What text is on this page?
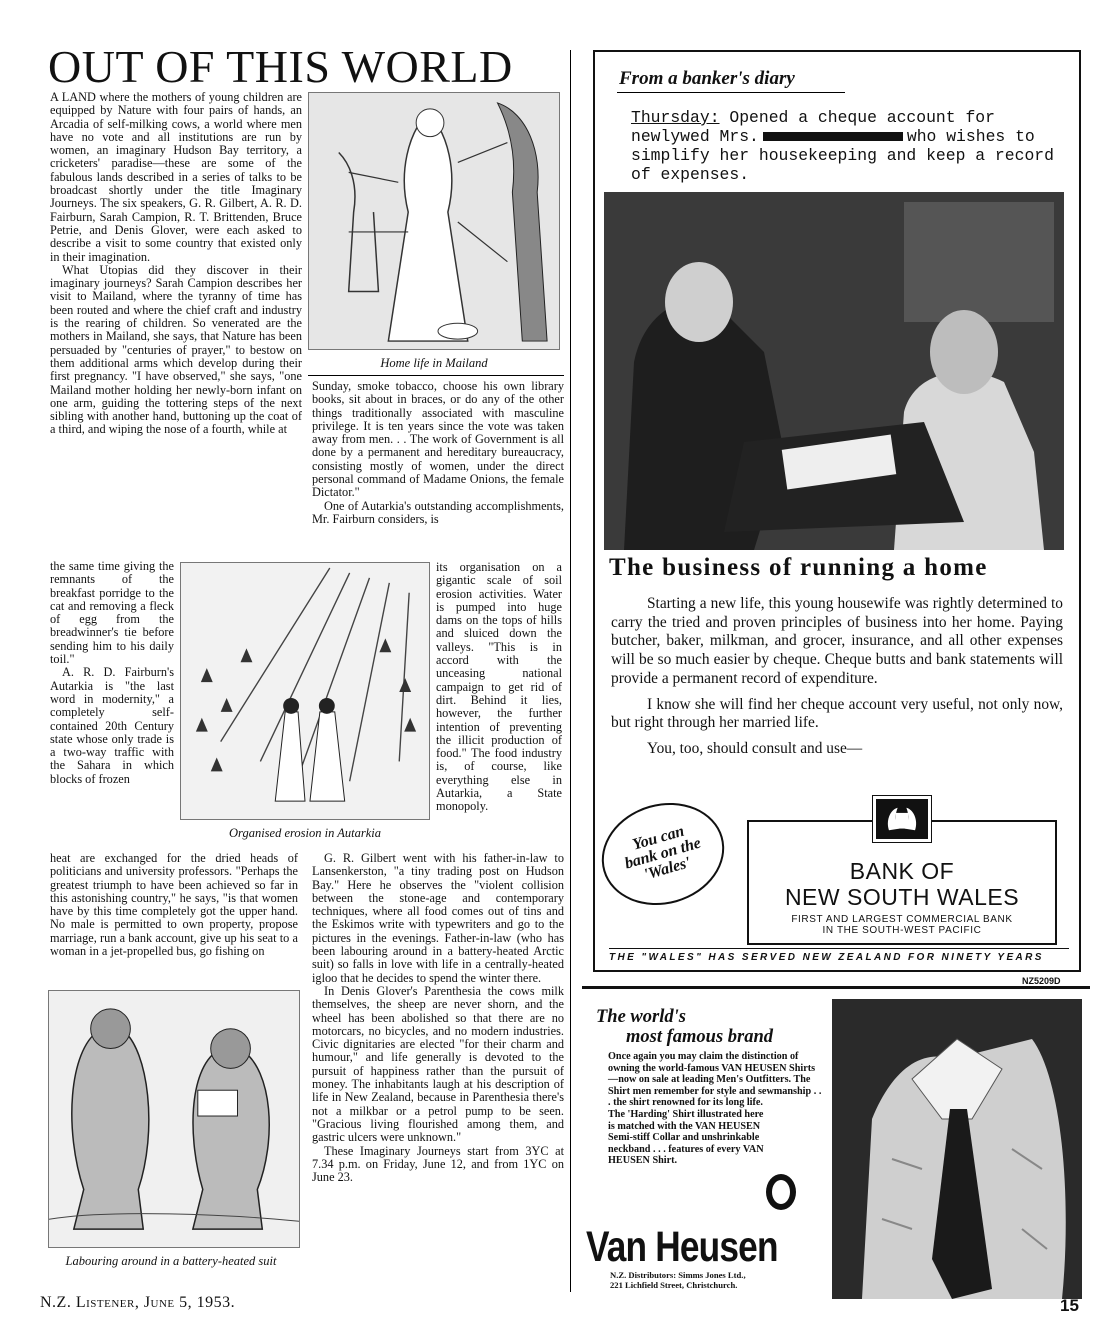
OUT OF THIS WORLD
Home life in Mailand

A LAND where the mothers of young children are equipped by Nature with four pairs of hands, an Arcadia of self-milking cows, a world where men have no vote and all institutions are run by women, an imaginary Hudson Bay territory, a cricketers' paradise—these are some of the fabulous lands described in a series of talks to be broadcast shortly under the title Imaginary Journeys. The six speakers, G. R. Gilbert, A. R. D. Fairburn, Sarah Campion, R. T. Brittenden, Bruce Petrie, and Denis Glover, were each asked to describe a visit to some country that existed only in their imagination.

What Utopias did they discover in their imaginary journeys? Sarah Campion describes her visit to Mailand, where the tyranny of time has been routed and where the chief craft and industry is the rearing of children. So venerated are the mothers in Mailand, she says, that Nature has been persuaded by "centuries of prayer," to bestow on them additional arms which develop during their first pregnancy. "I have observed," she says, "one Mailand mother holding her newly-born infant on one arm, guiding the tottering steps of the next sibling with another hand, buttoning up the coat of a third, and wiping the nose of a fourth, while at

the same time giving the remnants of the breakfast porridge to the cat and removing a fleck of egg from the breadwinner's tie before sending him to his daily toil."

A. R. D. Fairburn's Autarkia is "the last word in modernity," a completely self-contained 20th Century state whose only trade is a two-way traffic with the Sahara in which blocks of frozen

Organised erosion in Autarkia

heat are exchanged for the dried heads of politicians and university professors. "Perhaps the greatest triumph to have been achieved so far in this astonishing country," he says, "is that women have by this time completely got the upper hand. No male is permitted to own property, propose marriage, run a bank account, give up his seat to a woman in a jet-propelled bus, go fishing on

Labouring around in a battery-heated suit

Sunday, smoke tobacco, choose his own library books, sit about in braces, or do any of the other things traditionally associated with masculine privilege. It is ten years since the vote was taken away from men. . . The work of Government is all done by a permanent and hereditary bureaucracy, consisting mostly of women, under the direct personal command of Madame Onions, the female Dictator."

One of Autarkia's outstanding accomplishments, Mr. Fairburn considers, is

its organisation on a gigantic scale of soil erosion activities. Water is pumped into huge dams on the tops of hills and sluiced down the valleys. "This is in accord with the unceasing national campaign to get rid of dirt. Behind it lies, however, the further intention of preventing the illicit production of food." The food industry is, of course, like everything else in Autarkia, a State monopoly.

G. R. Gilbert went with his father-in-law to Lansenkerston, "a tiny trading post on Hudson Bay." Here he observes the "violent collision between the stone-age and contemporary techniques, where all food comes out of tins and the Eskimos write with typewriters and go to the pictures in the evenings. Father-in-law (who has been labouring around in a battery-heated Arctic suit) so falls in love with life in a centrally-heated igloo that he decides to spend the winter there.

In Denis Glover's Parenthesia the cows milk themselves, the sheep are never shorn, and the wheel has been abolished so that there are no motorcars, no bicycles, and no modern industries. Civic dignitaries are elected "for their charm and humour," and life generally is devoted to the pursuit of happiness rather than the pursuit of money. The inhabitants laugh at his description of life in New Zealand, because in Parenthesia there's not a milkbar or a petrol pump to be seen. "Gracious living flourished among them, and gastric ulcers were unknown."

These Imaginary Journeys start from 3YC at 7.34 p.m. on Friday, June 12, and from 1YC on June 23.

From a banker's diary
Thursday: Opened a cheque account for newlywed Mrs.	who wishes to simplify her housekeeping and keep a record of expenses.
The business of running a home

Starting a new life, this young housewife was rightly determined to carry the tried and proven principles of business into her home. Paying butcher, baker, milkman, and grocer, insurance, and all other expenses will be so much easier by cheque. Cheque butts and bank statements will provide a permanent record of expenditure.

I know she will find her cheque account very useful, not only now, but right through her married life.

You, too, should consult and use—

You can bank on the 'Wales'	BANK OF
NEW SOUTH WALES
FIRST AND LARGEST COMMERCIAL BANK
IN THE SOUTH-WEST PACIFIC
THE "WALES" HAS SERVED NEW ZEALAND FOR NINETY YEARS
NZ5209D
The world's
most famous brand

Once again you may claim the distinction of owning the world-famous VAN HEUSEN Shirts—now on sale at leading Men's Outfitters. The Shirt men remember for style and sewmanship . . . the shirt renowned for its long life.

The 'Harding' Shirt illustrated here is matched with the VAN HEUSEN Semi-stiff Collar and unshrinkable neckband . . . features of every VAN HEUSEN Shirt.

Van Heusen
N.Z. Distributors: Simms Jones Ltd.,
221 Lichfield Street, Christchurch.
N.Z. Listener, June 5, 1953.	15
